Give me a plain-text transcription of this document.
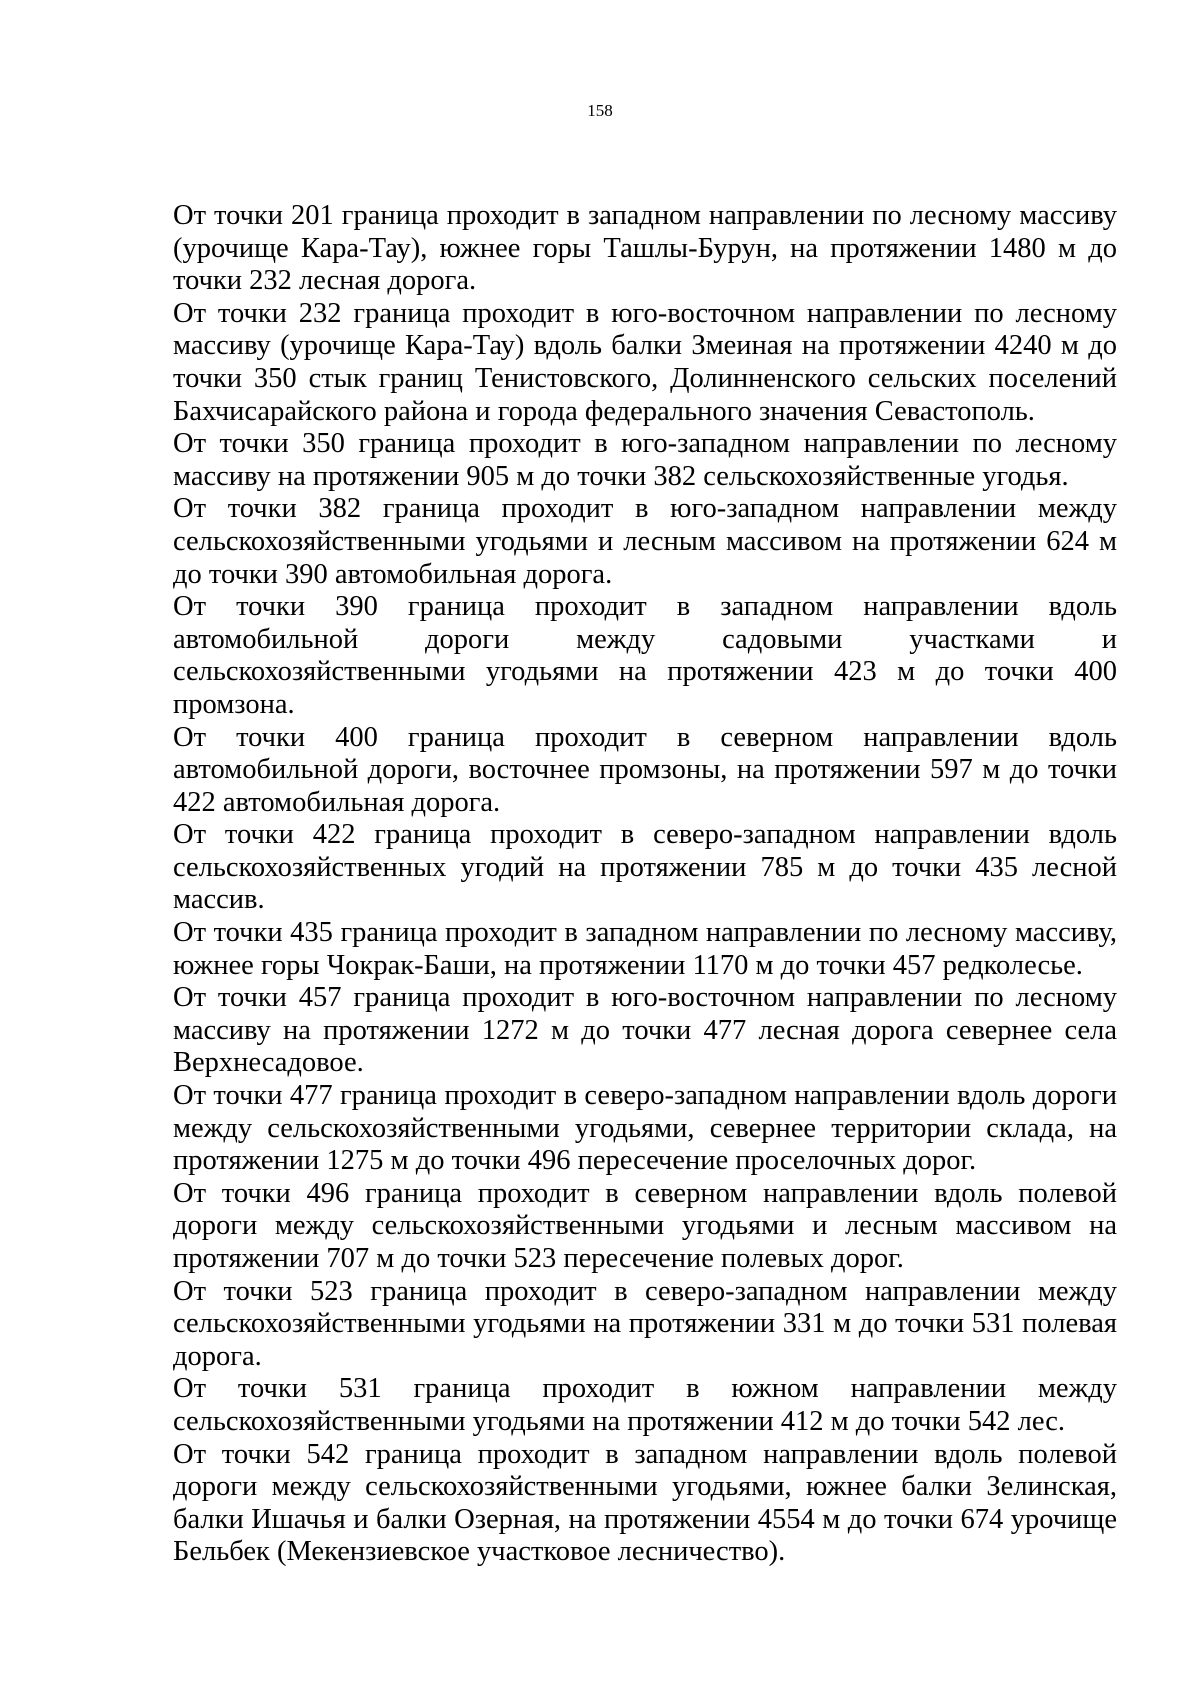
158

От точки 201 граница проходит в западном направлении по лесному массиву (урочище Кара-Тау), южнее горы Ташлы-Бурун, на протяжении 1480 м до точки 232 лесная дорога.

От точки 232 граница проходит в юго-восточном направлении по лесному массиву (урочище Кара-Тау) вдоль балки Змеиная на протяжении 4240 м до точки 350 стык границ Тенистовского, Долинненского сельских поселений Бахчисарайского района и города федерального значения Севастополь.

От точки 350 граница проходит в юго-западном направлении по лесному массиву на протяжении 905 м до точки 382 сельскохозяйственные угодья.

От точки 382 граница проходит в юго-западном направлении между сельскохозяйственными угодьями и лесным массивом на протяжении 624 м до точки 390 автомобильная дорога.

От точки 390 граница проходит в западном направлении вдоль автомобильной дороги между садовыми участками и сельскохозяйственными угодьями на протяжении 423 м до точки 400 промзона.

От точки 400 граница проходит в северном направлении вдоль автомобильной дороги, восточнее промзоны, на протяжении 597 м до точки 422 автомобильная дорога.

От точки 422 граница проходит в северо-западном направлении вдоль сельскохозяйственных угодий на протяжении 785 м до точки 435 лесной массив.

От точки 435 граница проходит в западном направлении по лесному массиву, южнее горы Чокрак-Баши, на протяжении 1170 м до точки 457 редколесье.

От точки 457 граница проходит в юго-восточном направлении по лесному массиву на протяжении 1272 м до точки 477 лесная дорога севернее села Верхнесадовое.

От точки 477 граница проходит в северо-западном направлении вдоль дороги между сельскохозяйственными угодьями, севернее территории склада, на протяжении 1275 м до точки 496 пересечение проселочных дорог.

От точки 496 граница проходит в северном направлении вдоль полевой дороги между сельскохозяйственными угодьями и лесным массивом на протяжении 707 м до точки 523 пересечение полевых дорог.

От точки 523 граница проходит в северо-западном направлении между сельскохозяйственными угодьями на протяжении 331 м до точки 531 полевая дорога.

От точки 531 граница проходит в южном направлении между сельскохозяйственными угодьями на протяжении 412 м до точки 542 лес.

От точки 542 граница проходит в западном направлении вдоль полевой дороги между сельскохозяйственными угодьями, южнее балки Зелинская, балки Ишачья и балки Озерная, на протяжении 4554 м до точки 674 урочище Бельбек (Мекензиевское участковое лесничество).
